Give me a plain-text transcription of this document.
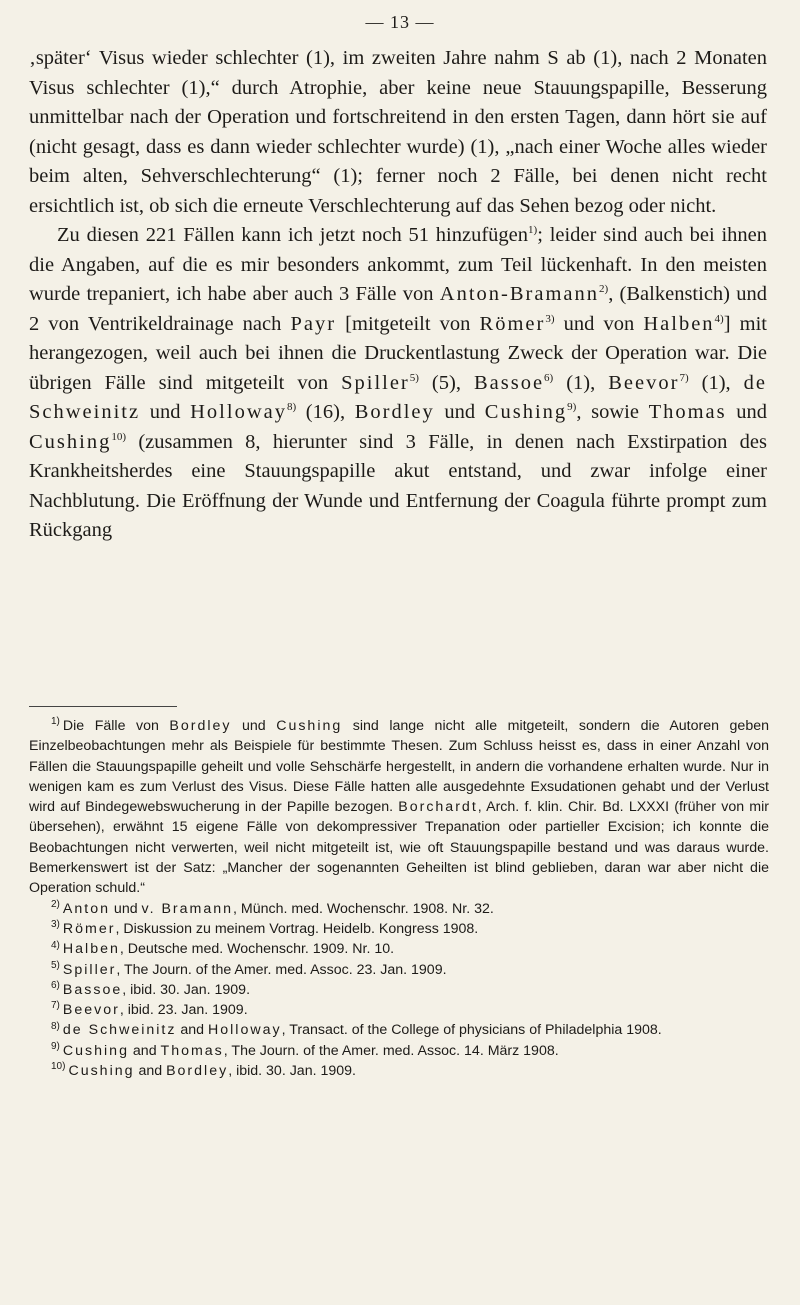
— 13 —

‚später‘ Visus wieder schlechter (1), im zweiten Jahre nahm S ab (1), nach 2 Monaten Visus schlechter (1),“ durch Atrophie, aber keine neue Stauungspapille, Besserung unmittelbar nach der Operation und fortschreitend in den ersten Tagen, dann hört sie auf (nicht gesagt, dass es dann wieder schlechter wurde) (1), „nach einer Woche alles wieder beim alten, Sehverschlechterung“ (1); ferner noch 2 Fälle, bei denen nicht recht ersichtlich ist, ob sich die erneute Verschlechterung auf das Sehen bezog oder nicht.

Zu diesen 221 Fällen kann ich jetzt noch 51 hinzufügen$^{1)}$; leider sind auch bei ihnen die Angaben, auf die es mir besonders ankommt, zum Teil lückenhaft. In den meisten wurde trepaniert, ich habe aber auch 3 Fälle von Anton-Bramann$^{2)}$, (Balkenstich) und 2 von Ventrikeldrainage nach Payr [mitgeteilt von Römer$^{3)}$ und von Halben$^{4)}$] mit herangezogen, weil auch bei ihnen die Druckentlastung Zweck der Operation war. Die übrigen Fälle sind mitgeteilt von Spiller$^{5)}$ (5), Bassoe$^{6)}$ (1), Beevor$^{7)}$ (1), de Schweinitz und Holloway$^{8)}$ (16), Bordley und Cushing$^{9)}$, sowie Thomas und Cushing$^{10)}$ (zusammen 8, hierunter sind 3 Fälle, in denen nach Exstirpation des Krankheitsherdes eine Stauungspapille akut entstand, und zwar infolge einer Nachblutung. Die Eröffnung der Wunde und Entfernung der Coagula führte prompt zum Rückgang

$^{1)}$ Die Fälle von Bordley und Cushing sind lange nicht alle mitgeteilt, sondern die Autoren geben Einzelbeobachtungen mehr als Beispiele für bestimmte Thesen. Zum Schluss heisst es, dass in einer Anzahl von Fällen die Stauungspapille geheilt und volle Sehschärfe hergestellt, in andern die vorhandene erhalten wurde. Nur in wenigen kam es zum Verlust des Visus. Diese Fälle hatten alle ausgedehnte Exsudationen gehabt und der Verlust wird auf Bindegewebswucherung in der Papille bezogen. Borchardt, Arch. f. klin. Chir. Bd. LXXXI (früher von mir übersehen), erwähnt 15 eigene Fälle von dekompressiver Trepanation oder partieller Excision; ich konnte die Beobachtungen nicht verwerten, weil nicht mitgeteilt ist, wie oft Stauungspapille bestand und was daraus wurde. Bemerkenswert ist der Satz: „Mancher der sogenannten Geheilten ist blind geblieben, daran war aber nicht die Operation schuld.“

$^{2)}$ Anton und v. Bramann, Münch. med. Wochenschr. 1908. Nr. 32.

$^{3)}$ Römer, Diskussion zu meinem Vortrag. Heidelb. Kongress 1908.

$^{4)}$ Halben, Deutsche med. Wochenschr. 1909. Nr. 10.

$^{5)}$ Spiller, The Journ. of the Amer. med. Assoc. 23. Jan. 1909.

$^{6)}$ Bassoe, ibid. 30. Jan. 1909.

$^{7)}$ Beevor, ibid. 23. Jan. 1909.

$^{8)}$ de Schweinitz and Holloway, Transact. of the College of physicians of Philadelphia 1908.

$^{9)}$ Cushing and Thomas, The Journ. of the Amer. med. Assoc. 14. März 1908.

$^{10)}$ Cushing and Bordley, ibid. 30. Jan. 1909.
